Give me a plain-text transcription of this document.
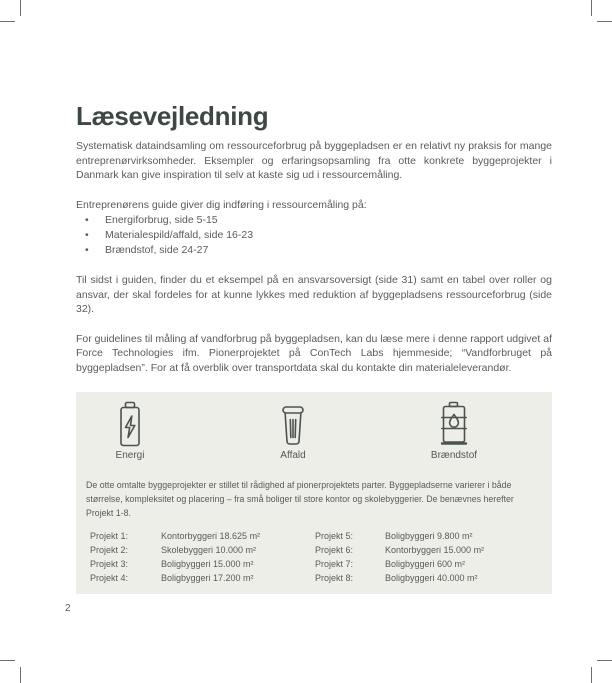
Læsevejledning

Systematisk dataindsamling om ressourceforbrug på byggepladsen er en relativt ny praksis for mange entreprenørvirksomheder. Eksempler og erfaringsopsamling fra otte konkrete byggeprojekter i Danmark kan give inspiration til selv at kaste sig ud i ressourcemåling.

Entreprenørens guide giver dig indføring i ressourcemåling på:

• Energiforbrug, side 5-15
• Materialespild/affald, side 16-23
• Brændstof, side 24-27

Til sidst i guiden, finder du et eksempel på en ansvarsoversigt (side 31) samt en tabel over roller og ansvar, der skal fordeles for at kunne lykkes med reduktion af byggepladsens ressourceforbrug (side 32).

For guidelines til måling af vandforbrug på byggepladsen, kan du læse mere i denne rapport udgivet af Force Technologies ifm. Pionerprojektet på ConTech Labs hjemmeside; “Vandforbruget på byggepladsen”. For at få overblik over transportdata skal du kontakte din materialeleverandør.

Energi	Affald	Brændstof

De otte omtalte byggeprojekter er stillet til rådighed af pionerprojektets parter. Byggepladserne varierer i både størrelse, kompleksitet og placering – fra små boliger til store kontor og skolebyggerier. De benævnes herefter Projekt 1-8.

Projekt 1:	Kontorbyggeri 18.625 m²
Projekt 2:	Skolebyggeri 10.000 m²
Projekt 3:	Boligbyggeri 15.000 m²
Projekt 4:	Boligbyggeri 17.200 m²
Projekt 5:	Boligbyggeri 9.800 m²
Projekt 6:	Kontorbyggeri 15.000 m²
Projekt 7:	Boligbyggeri 600 m²
Projekt 8:	Boligbyggeri 40.000 m²
2
